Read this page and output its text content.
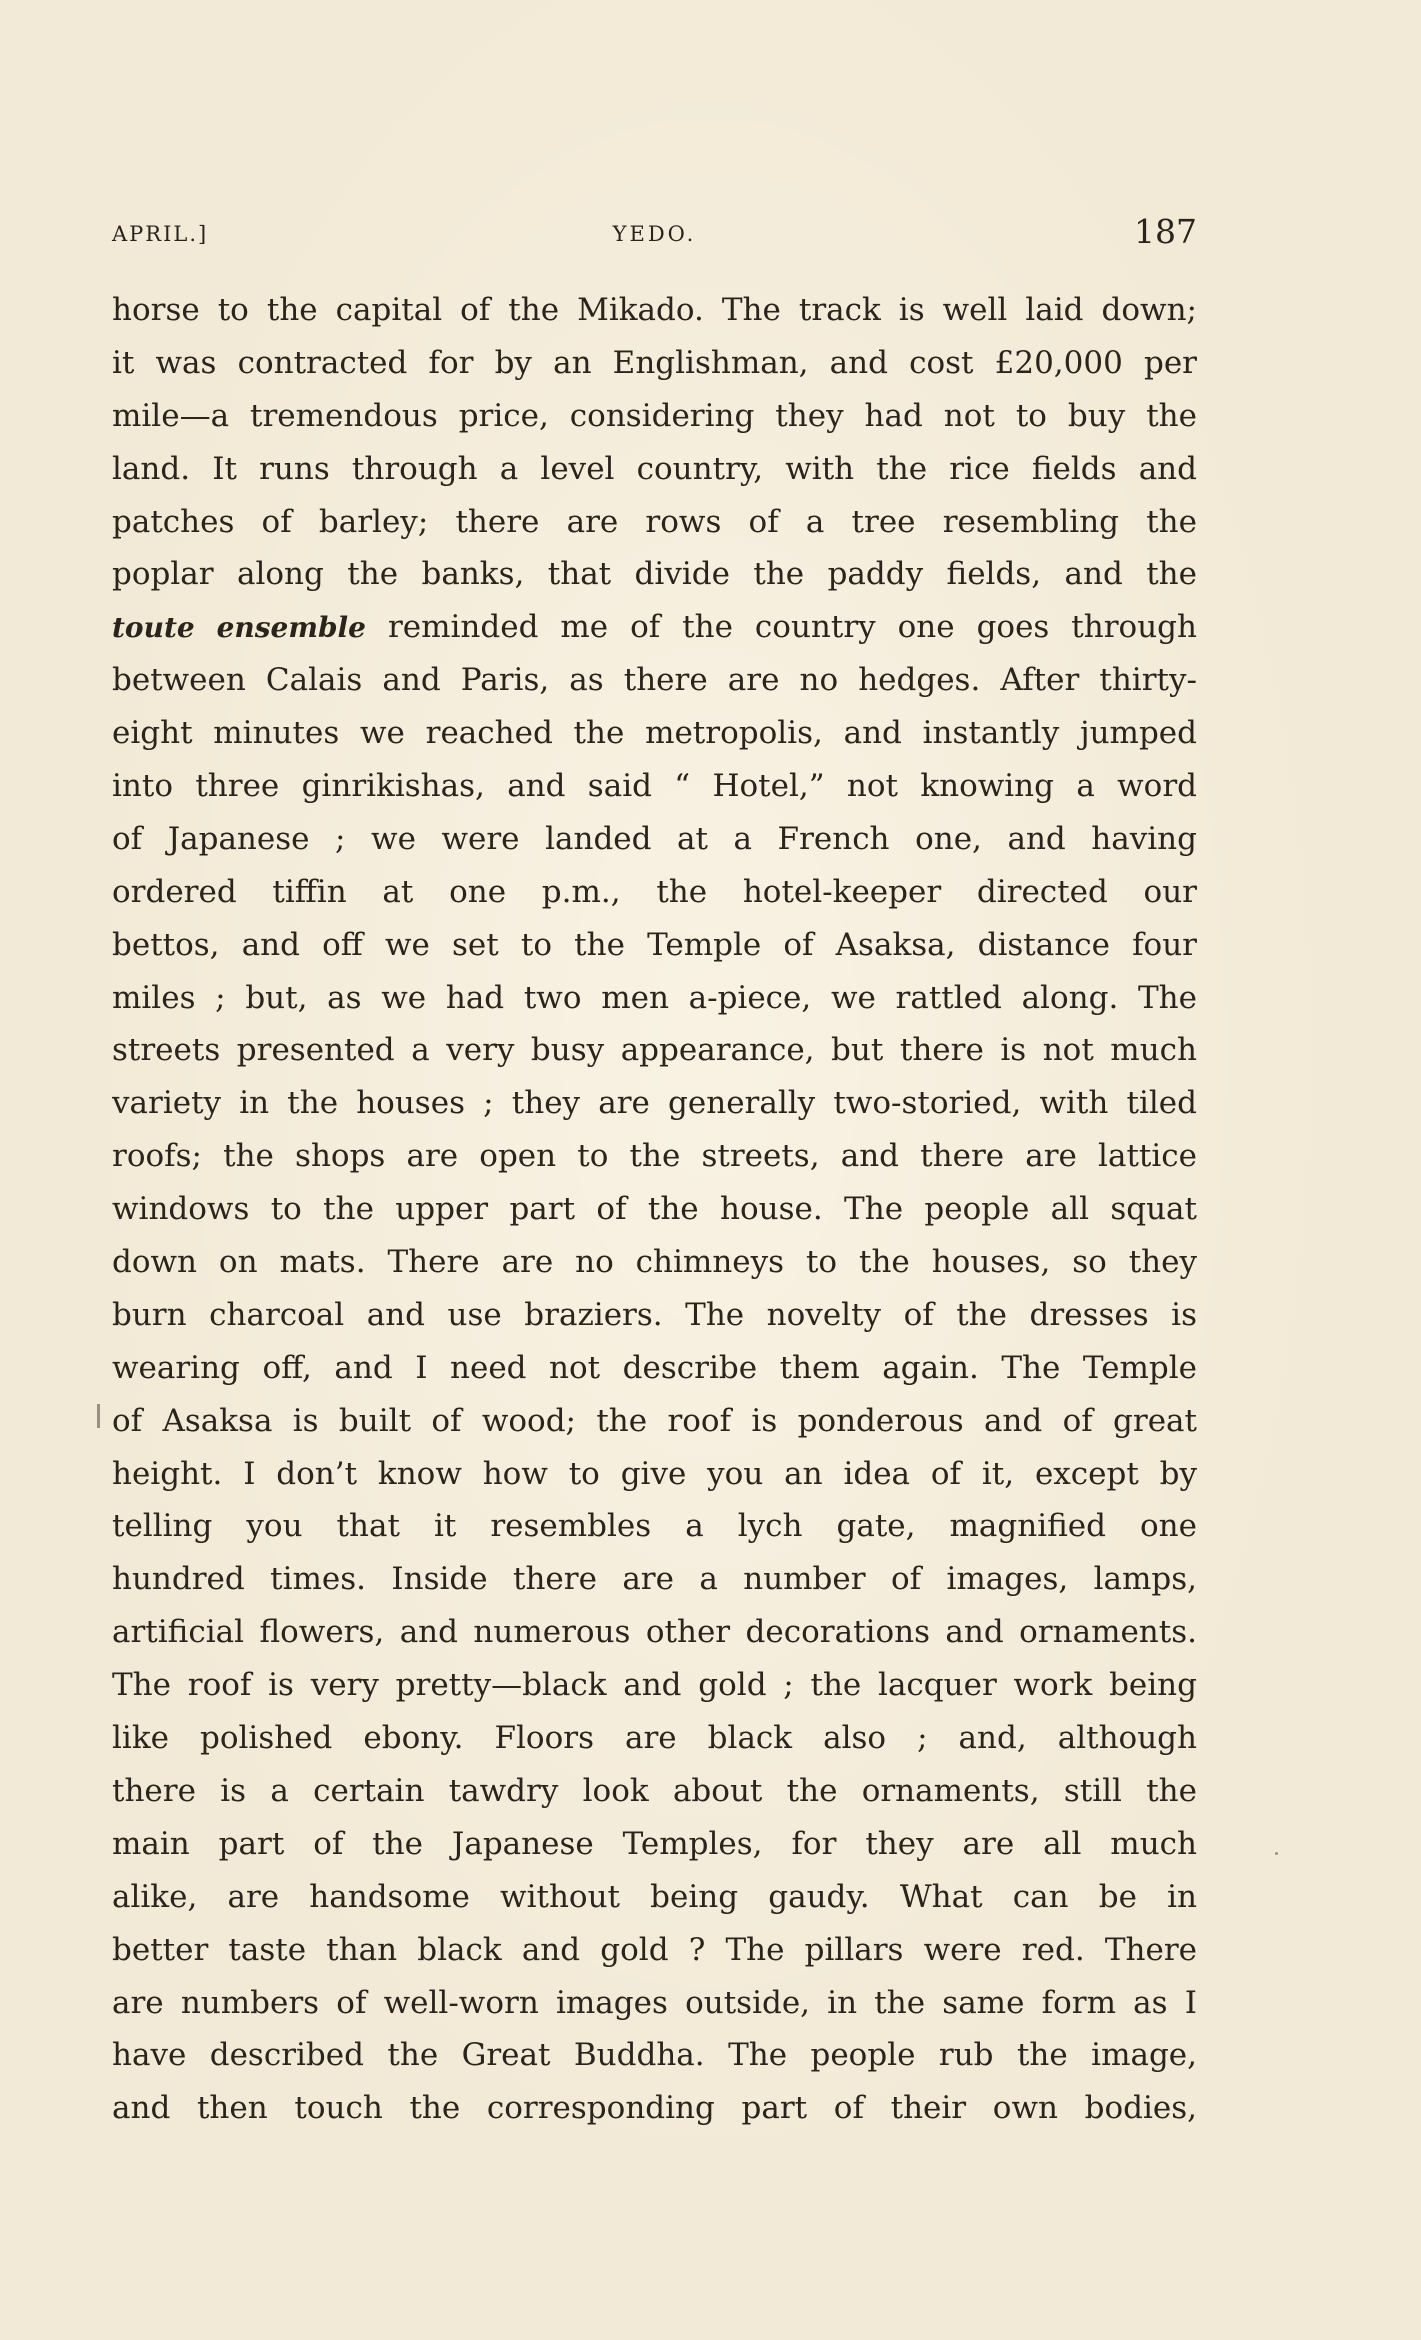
APRIL.]	YEDO.	187
horse to the capital of the Mikado. The track is well laid down;
it was contracted for by an Englishman, and cost £20,000 per
mile—a tremendous price, considering they had not to buy the
land. It runs through a level country, with the rice fields and
patches of barley; there are rows of a tree resembling the
poplar along the banks, that divide the paddy fields, and the
toute ensemble reminded me of the country one goes through
between Calais and Paris, as there are no hedges. After thirty-
eight minutes we reached the metropolis, and instantly jumped
into three ginrikishas, and said “ Hotel,” not knowing a word
of Japanese ; we were landed at a French one, and having
ordered tiffin at one p.m., the hotel-keeper directed our
bettos, and off we set to the Temple of Asaksa, distance four
miles ; but, as we had two men a-piece, we rattled along. The
streets presented a very busy appearance, but there is not much
variety in the houses ; they are generally two-storied, with tiled
roofs; the shops are open to the streets, and there are lattice
windows to the upper part of the house. The people all squat
down on mats. There are no chimneys to the houses, so they
burn charcoal and use braziers. The novelty of the dresses is
wearing off, and I need not describe them again. The Temple
of Asaksa is built of wood; the roof is ponderous and of great
height. I don’t know how to give you an idea of it, except by
telling you that it resembles a lych gate, magnified one
hundred times. Inside there are a number of images, lamps,
artificial flowers, and numerous other decorations and ornaments.
The roof is very pretty—black and gold ; the lacquer work being
like polished ebony. Floors are black also ; and, although
there is a certain tawdry look about the ornaments, still the
main part of the Japanese Temples, for they are all much
alike, are handsome without being gaudy. What can be in
better taste than black and gold ? The pillars were red. There
are numbers of well-worn images outside, in the same form as I
have described the Great Buddha. The people rub the image,
and then touch the corresponding part of their own bodies,
